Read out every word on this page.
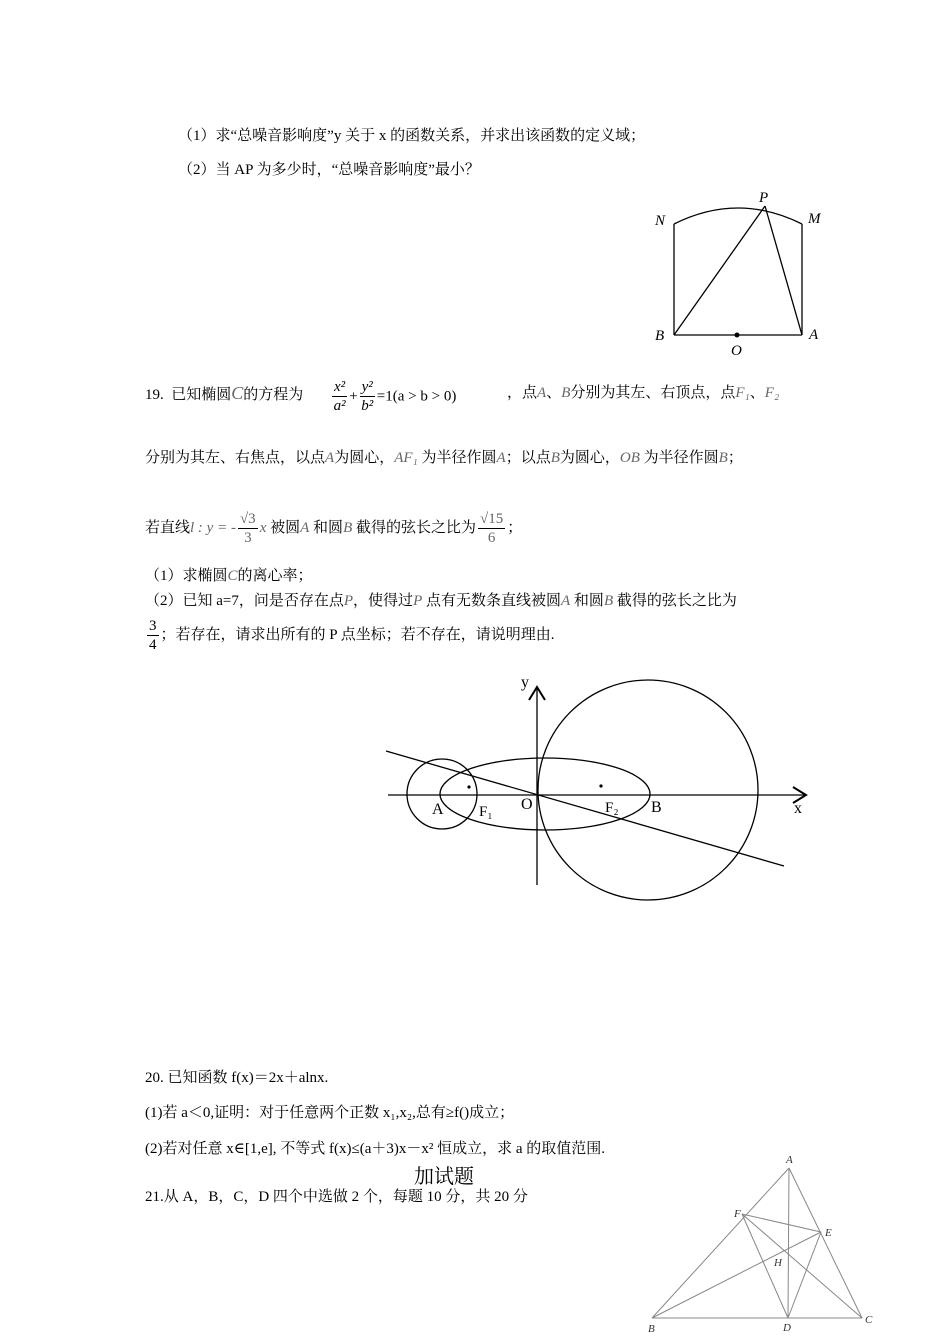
（1）求“总噪音影响度”y 关于 x 的函数关系，并求出该函数的定义域；
（2）当 AP 为多少时，“总噪音影响度”最小？
P
N	M
B	A
O
19. 已知椭圆C的方程为 $\frac{\text{x²}}{\text{a²}} + \frac{\text{y²}}{\text{b²}} =1(a > b > 0)$	，点A、B分别为其左、右顶点，点F₁、F₂
分别为其左、右焦点，以点A为圆心，AF₁ 为半径作圆A；以点B为圆心，OB 为半径作圆B；
若直线l : y = - $\frac{√3}{3}$ x 被圆A 和圆B 截得的弦长之比为 $\frac{√15}{6}$ ；
（1）求椭圆C的离心率；
（2）已知 a=7，问是否存在点P，使得过P 点有无数条直线被圆A 和圆B 截得的弦长之比为
$\frac{3}{4}$ ；若存在，请求出所有的 P 点坐标；若不存在，请说明理由.
y
x
A F₁ O	F₂ B
20. 已知函数 f(x)＝2x＋alnx.
(1)若 a＜0,证明：对于任意两个正数 x₁,x₂,总有≥f()成立；
(2)若对任意 x∈[1,e], 不等式 f(x)≤(a＋3)x－x² 恒成立，求 a 的取值范围.
加试题
21.从 A，B，C，D 四个中选做 2 个，每题 10 分，共 20 分
A
F
E
H
B	D
C
